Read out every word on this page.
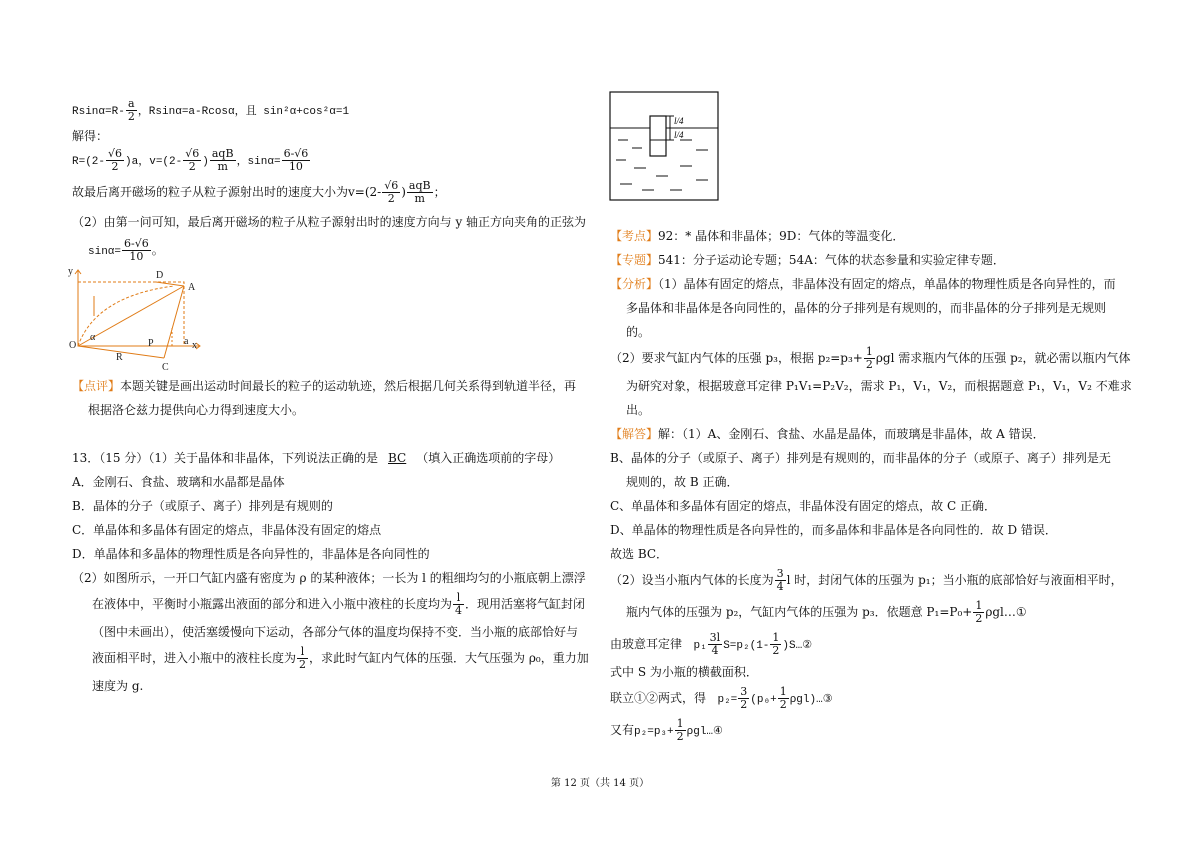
$Rsin\alpha=R- \frac{a}{2}$ ，Rsinα=a-Rcosα，且 sin²α+cos²α=1
解得：
$R=(2- \frac{√6}{2} )a$，$v=(2- \frac{√6}{2}$ ) $\frac{\text{aqB}}{m}$ ，$\sin\alpha= \frac{6-√6}{10}$
故最后离开磁场的粒子从粒子源射出时的速度大小为$v=(2- \frac{√6}{2}$ ) $\frac{\text{aqB}}{m}$ ；
（2）由第一问可知，最后离开磁场的粒子从粒子源射出时的速度方向与 y 轴正方向夹角的正弦为
$\sin\alpha= \frac{6-√6}{10}$ 。
y	D
A
O
R
P
C
x
a
α
【点评】本题关键是画出运动时间最长的粒子的运动轨迹，然后根据几何关系得到轨道半径，再
根据洛仑兹力提供向心力得到速度大小。
13．（15 分）（1）关于晶体和非晶体，下列说法正确的是 BC （填入正确选项前的字母）
A．金刚石、食盐、玻璃和水晶都是晶体
B．晶体的分子（或原子、离子）排列是有规则的
C．单晶体和多晶体有固定的熔点，非晶体没有固定的熔点
D．单晶体和多晶体的物理性质是各向异性的，非晶体是各向同性的
（2）如图所示，一开口气缸内盛有密度为 ρ 的某种液体；一长为 l 的粗细均匀的小瓶底朝上漂浮
在液体中，平衡时小瓶露出液面的部分和进入小瓶中液柱的长度均为 $\frac{l}{4}$ ．现用活塞将气缸封闭
（图中未画出），使活塞缓慢向下运动，各部分气体的温度均保持不变．当小瓶的底部恰好与
液面相平时，进入小瓶中的液柱长度为 $\frac{l}{2}$ ，求此时气缸内气体的压强．大气压强为 ρ₀，重力加
速度为 g.
l/4
l/4
【考点】92：* 晶体和非晶体；9D：气体的等温变化．
【专题】541：分子运动论专题；54A：气体的状态参量和实验定律专题．
【分析】（1）晶体有固定的熔点，非晶体没有固定的熔点，单晶体的物理性质是各向异性的，而
多晶体和非晶体是各向同性的，晶体的分子排列是有规则的，而非晶体的分子排列是无规则
的。
（2）要求气缸内气体的压强 p₃，根据 $p_2=p_3+ \frac{1}{2}$ ρgl 需求瓶内气体的压强 p₂，就必需以瓶内气体
为研究对象，根据玻意耳定律 P₁V₁=P₂V₂，需求 P₁，V₁，V₂，而根据题意 P₁，V₁，V₂ 不难求
出。
【解答】解：（1）A、金刚石、食盐、水晶是晶体，而玻璃是非晶体，故 A 错误．
B、晶体的分子（或原子、离子）排列是有规则的，而非晶体的分子（或原子、离子）排列是无
规则的，故 B 正确．
C、单晶体和多晶体有固定的熔点，非晶体没有固定的熔点，故 C 正确．
D、单晶体的物理性质是各向异性的，而多晶体和非晶体是各向同性的．故 D 错误．
故选 BC．
（2）设当小瓶内气体的长度为 $\frac{3}{4}$ l 时，封闭气体的压强为 p₁；当小瓶的底部恰好与液面相平时，
瓶内气体的压强为 p₂，气缸内气体的压强为 p₃．依题意 $P_1=P_0+ \frac{1}{2}$ ρgl…①
由玻意耳定律 $p_1 \frac{3l}{4} S=p_2(1- \frac{1}{2}$ )S…②
式中 S 为小瓶的横截面积．
联立①②两式，得 $p_2= \frac{3}{2} (p_0+ \frac{1}{2}$ ρgl)…③
又有$p_2=p_3+ \frac{1}{2}$ ρgl…④
第 12 页（共 14 页）
